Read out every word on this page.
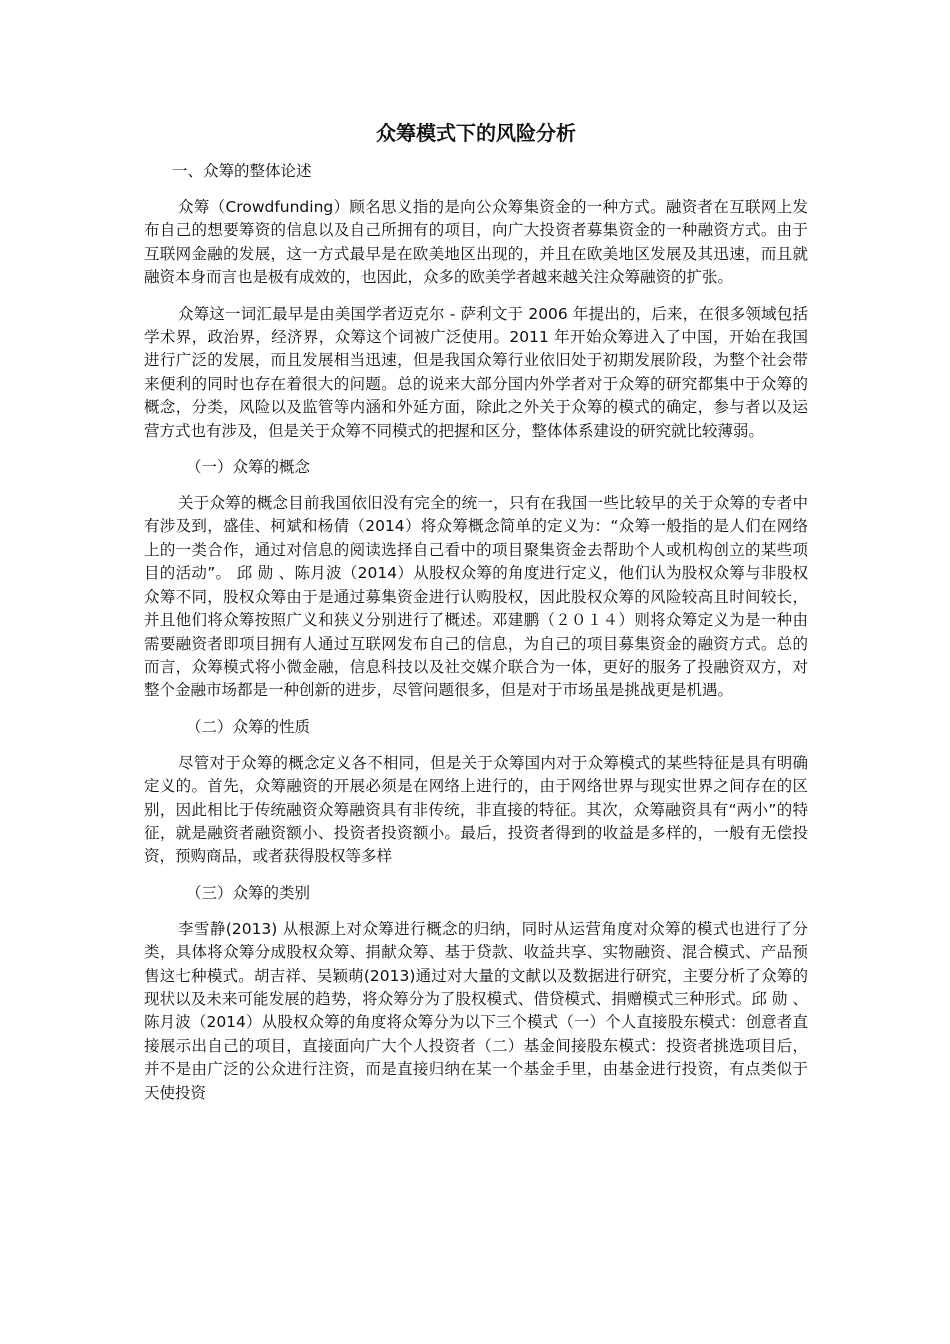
众筹模式下的风险分析
一、众筹的整体论述

众筹（Crowdfunding）顾名思义指的是向公众筹集资金的一种方式。融资者在互联网上发布自己的想要筹资的信息以及自己所拥有的项目，向广大投资者募集资金的一种融资方式。由于互联网金融的发展，这一方式最早是在欧美地区出现的，并且在欧美地区发展及其迅速，而且就融资本身而言也是极有成效的，也因此，众多的欧美学者越来越关注众筹融资的扩张。

众筹这一词汇最早是由美国学者迈克尔 - 萨利文于 2006 年提出的，后来，在很多领域包括学术界，政治界，经济界，众筹这个词被广泛使用。2011 年开始众筹进入了中国，开始在我国进行广泛的发展，而且发展相当迅速，但是我国众筹行业依旧处于初期发展阶段，为整个社会带来便利的同时也存在着很大的问题。总的说来大部分国内外学者对于众筹的研究都集中于众筹的概念，分类，风险以及监管等内涵和外延方面，除此之外关于众筹的模式的确定，参与者以及运营方式也有涉及，但是关于众筹不同模式的把握和区分，整体体系建设的研究就比较薄弱。

（一）众筹的概念

关于众筹的概念目前我国依旧没有完全的统一，只有在我国一些比较早的关于众筹的专者中有涉及到，盛佳、柯斌和杨倩（2014）将众筹概念简单的定义为：“众筹一般指的是人们在网络上的一类合作，通过对信息的阅读选择自己看中的项目聚集资金去帮助个人或机构创立的某些项目的活动”。 邱 勋 、陈月波（2014）从股权众筹的角度进行定义，他们认为股权众筹与非股权众筹不同，股权众筹由于是通过募集资金进行认购股权，因此股权众筹的风险较高且时间较长，并且他们将众筹按照广义和狭义分别进行了概述。邓建鹏（２０１４）则将众筹定义为是一种由需要融资者即项目拥有人通过互联网发布自己的信息，为自己的项目募集资金的融资方式。总的而言，众筹模式将小微金融，信息科技以及社交媒介联合为一体，更好的服务了投融资双方，对整个金融市场都是一种创新的进步，尽管问题很多，但是对于市场虽是挑战更是机遇。

（二）众筹的性质

尽管对于众筹的概念定义各不相同，但是关于众筹国内对于众筹模式的某些特征是具有明确定义的。首先，众筹融资的开展必须是在网络上进行的，由于网络世界与现实世界之间存在的区别，因此相比于传统融资众筹融资具有非传统，非直接的特征。其次，众筹融资具有“两小”的特征，就是融资者融资额小、投资者投资额小。最后，投资者得到的收益是多样的，一般有无偿投资，预购商品，或者获得股权等多样

（三）众筹的类别

李雪静(2013) 从根源上对众筹进行概念的归纳，同时从运营角度对众筹的模式也进行了分类，具体将众筹分成股权众筹、捐献众筹、基于贷款、收益共享、实物融资、混合模式、产品预售这七种模式。胡吉祥、吴颖萌(2013)通过对大量的文献以及数据进行研究，主要分析了众筹的现状以及未来可能发展的趋势，将众筹分为了股权模式、借贷模式、捐赠模式三种形式。邱 勋 、陈月波（2014）从股权众筹的角度将众筹分为以下三个模式（一）个人直接股东模式：创意者直接展示出自己的项目，直接面向广大个人投资者（二）基金间接股东模式：投资者挑选项目后，并不是由广泛的公众进行注资，而是直接归纳在某一个基金手里，由基金进行投资，有点类似于天使投资
